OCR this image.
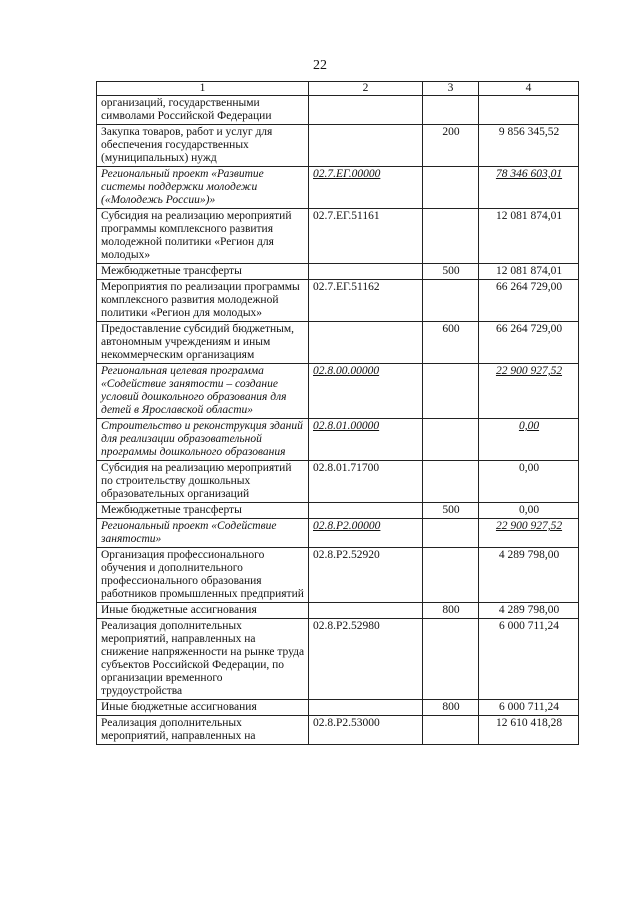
22
1	2	3	4
организаций, государственными символами Российской Федерации			
Закупка товаров, работ и услуг для обеспечения государственных (муниципальных) нужд		200	9 856 345,52
Региональный проект «Развитие системы поддержки молодежи («Молодежь России»)»	02.7.ЕГ.00000		78 346 603,01
Субсидия на реализацию мероприятий программы комплексного развития молодежной политики «Регион для молодых»	02.7.ЕГ.51161		12 081 874,01
Межбюджетные трансферты		500	12 081 874,01
Мероприятия по реализации программы комплексного развития молодежной политики «Регион для молодых»	02.7.ЕГ.51162		66 264 729,00
Предоставление субсидий бюджетным, автономным учреждениям и иным некоммерческим организациям		600	66 264 729,00
Региональная целевая программа «Содействие занятости – создание условий дошкольного образования для детей в Ярославской области»	02.8.00.00000		22 900 927,52
Строительство и реконструкция зданий для реализации образовательной программы дошкольного образования	02.8.01.00000		0,00
Субсидия на реализацию мероприятий по строительству дошкольных образовательных организаций	02.8.01.71700		0,00
Межбюджетные трансферты		500	0,00
Региональный проект «Содействие занятости»	02.8.P2.00000		22 900 927,52
Организация профессионального обучения и дополнительного профессионального образования работников промышленных предприятий	02.8.P2.52920		4 289 798,00
Иные бюджетные ассигнования		800	4 289 798,00
Реализация дополнительных мероприятий, направленных на снижение напряженности на рынке труда субъектов Российской Федерации, по организации временного трудоустройства	02.8.P2.52980		6 000 711,24
Иные бюджетные ассигнования		800	6 000 711,24
Реализация дополнительных мероприятий, направленных на	02.8.P2.53000		12 610 418,28
